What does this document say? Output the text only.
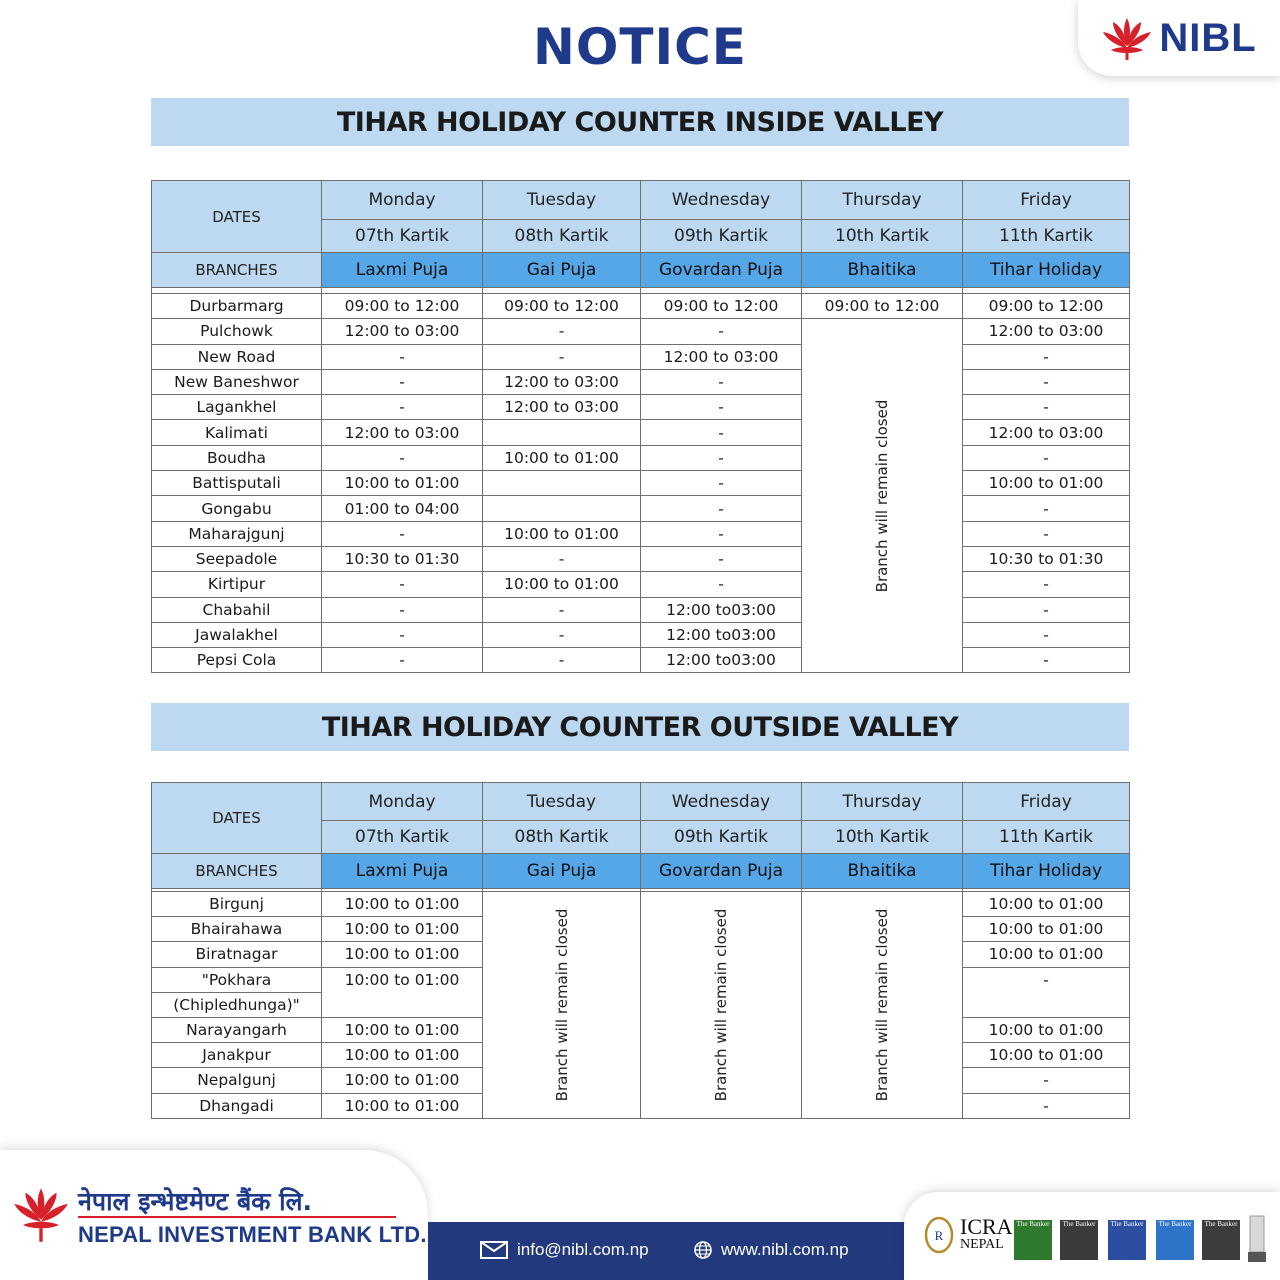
NOTICE	NIBL
TIHAR HOLIDAY COUNTER INSIDE VALLEY
DATES	Monday	Tuesday	Wednesday	Thursday	Friday
	07th Kartik	08th Kartik	09th Kartik	10th Kartik	11th Kartik
BRANCHES	Laxmi Puja	Gai Puja	Govardan Puja	Bhaitika	Tihar Holiday

Durbarmarg	09:00 to 12:00	09:00 to 12:00	09:00 to 12:00	09:00 to 12:00	09:00 to 12:00
Pulchowk	12:00 to 03:00	-	-	Branch will remain closed	12:00 to 03:00
New Road	-	-	12:00 to 03:00		-
New Baneshwor	-	12:00 to 03:00	-		-
Lagankhel	-	12:00 to 03:00	-		-
Kalimati	12:00 to 03:00		-		12:00 to 03:00
Boudha	-	10:00 to 01:00	-		-
Battisputali	10:00 to 01:00		-		10:00 to 01:00
Gongabu	01:00 to 04:00		-		-
Maharajgunj	-	10:00 to 01:00	-		-
Seepadole	10:30 to 01:30	-	-		10:30 to 01:30
Kirtipur	-	10:00 to 01:00	-		-
Chabahil	-	-	12:00 to03:00		-
Jawalakhel	-	-	12:00 to03:00		-
Pepsi Cola	-	-	12:00 to03:00		-
TIHAR HOLIDAY COUNTER OUTSIDE VALLEY
DATES	Monday	Tuesday	Wednesday	Thursday	Friday
	07th Kartik	08th Kartik	09th Kartik	10th Kartik	11th Kartik
BRANCHES	Laxmi Puja	Gai Puja	Govardan Puja	Bhaitika	Tihar Holiday

Birgunj	10:00 to 01:00	Branch will remain closed	Branch will remain closed	Branch will remain closed	10:00 to 01:00
Bhairahawa	10:00 to 01:00				10:00 to 01:00
Biratnagar	10:00 to 01:00				10:00 to 01:00
"Pokhara	10:00 to 01:00				-
(Chipledhunga)"					
Narayangarh	10:00 to 01:00				10:00 to 01:00
Janakpur	10:00 to 01:00				10:00 to 01:00
Nepalgunj	10:00 to 01:00				-
Dhangadi	10:00 to 01:00				-
नेपाल इन्भेष्टमेण्ट बैंक लि.
NEPAL INVESTMENT BANK LTD.
info@nibl.com.np	www.nibl.com.np
R ICRA
NEPAL
The Banker	The Banker	The Banker	The Banker	The Banker
